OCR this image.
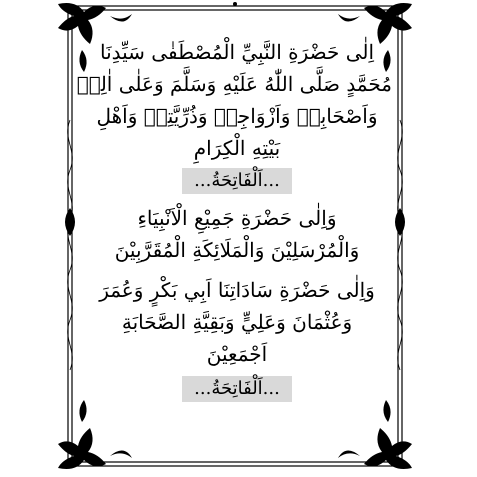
اِلٰى حَضْرَةِ النَّبِيِّ الْمُصْطَفٰى سَيِّدِنَا

مُحَمَّدٍ صَلَّى اللّٰهُ عَلَيْهِ وَسَلَّمَ وَعَلٰى اٰلِهٖ

وَاَصْحَابِهٖ وَاَزْوَاجِهٖ وَذُرِّيَّتِهٖ وَاَهْلِ

بَيْتِهِ الْكِرَامِ

...اَلْفَاتِحَةُ...

وَاِلٰى حَضْرَةِ جَمِيْعِ الْاَنْبِيَاءِ

وَالْمُرْسَلِيْنَ وَالْمَلَائِكَةِ الْمُقَرَّبِيْنَ

وَاِلٰى حَضْرَةِ سَادَاتِنَا اَبِي بَكْرٍ وَعُمَرَ

وَعُثْمَانَ وَعَلِيٍّ وَبَقِيَّةِ الصَّحَابَةِ

اَجْمَعِيْنَ

...اَلْفَاتِحَةُ...
